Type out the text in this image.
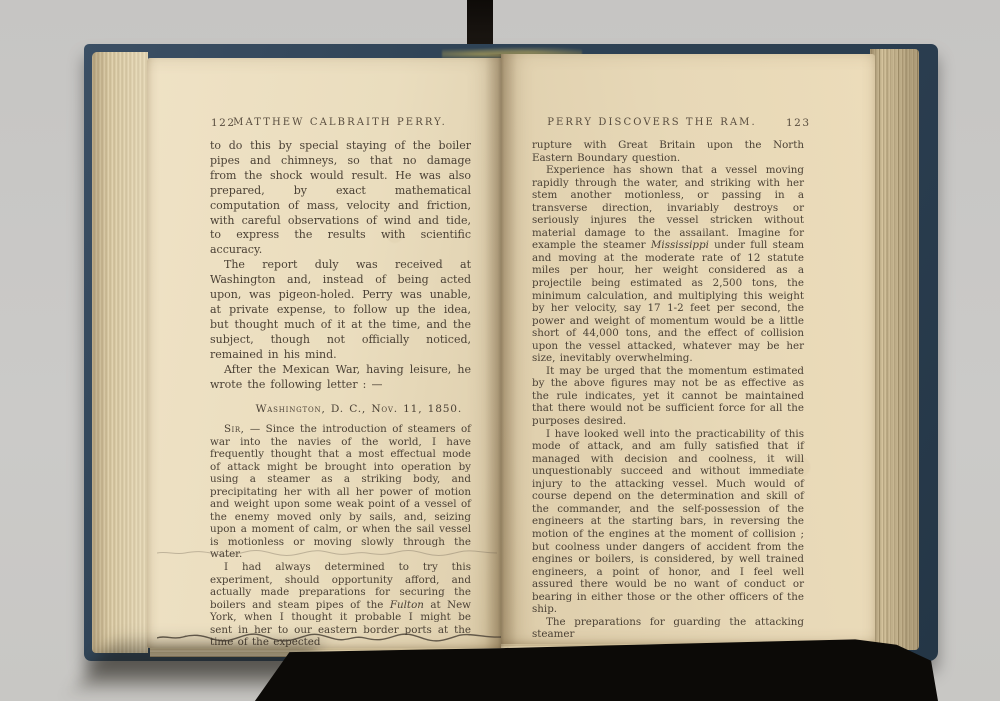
122
MATTHEW CALBRAITH PERRY.

to do this by special staying of the boiler pipes and chimneys, so that no damage from the shock would result. He was also prepared, by exact mathematical computation of mass, velocity and friction, with careful observations of wind and tide, to express the results with scientific accuracy.

The report duly was received at Washington and, instead of being acted upon, was pigeon-holed. Perry was unable, at private expense, to follow up the idea, but thought much of it at the time, and the subject, though not officially noticed, remained in his mind.

After the Mexican War, having leisure, he wrote the following letter : —

Washington, D. C., Nov. 11, 1850.

Sir, — Since the introduction of steamers of war into the navies of the world, I have frequently thought that a most effectual mode of attack might be brought into operation by using a steamer as a striking body, and precipitating her with all her power of motion and weight upon some weak point of a vessel of the enemy moved only by sails, and, seizing upon a moment of calm, or when the sail vessel is motionless or moving slowly through the water.

I had always determined to try this experiment, should opportunity afford, and actually made preparations for securing the boilers and steam pipes of the Fulton at New York, when I thought it probable I might be sent in her to our eastern border ports at the time of the expected

PERRY DISCOVERS THE RAM.	123

rupture with Great Britain upon the North Eastern Boundary question.

Experience has shown that a vessel moving rapidly through the water, and striking with her stem another motionless, or passing in a transverse direction, invariably destroys or seriously injures the vessel stricken without material damage to the assailant. Imagine for example the steamer Mississippi under full steam and moving at the moderate rate of 12 statute miles per hour, her weight considered as a projectile being estimated as 2,500 tons, the minimum calculation, and multiplying this weight by her velocity, say 17 1-2 feet per second, the power and weight of momentum would be a little short of 44,000 tons, and the effect of collision upon the vessel attacked, whatever may be her size, inevitably overwhelming.

It may be urged that the momentum estimated by the above figures may not be as effective as the rule indicates, yet it cannot be maintained that there would not be sufficient force for all the purposes desired.

I have looked well into the practicability of this mode of attack, and am fully satisfied that if managed with decision and coolness, it will unquestionably succeed and without immediate injury to the attacking vessel. Much would of course depend on the determination and skill of the commander, and the self-possession of the engineers at the starting bars, in reversing the motion of the engines at the moment of collision ; but coolness under dangers of accident from the engines or boilers, is considered, by well trained engineers, a point of honor, and I feel well assured there would be no want of conduct or bearing in either those or the other officers of the ship.

The preparations for guarding the attacking steamer
